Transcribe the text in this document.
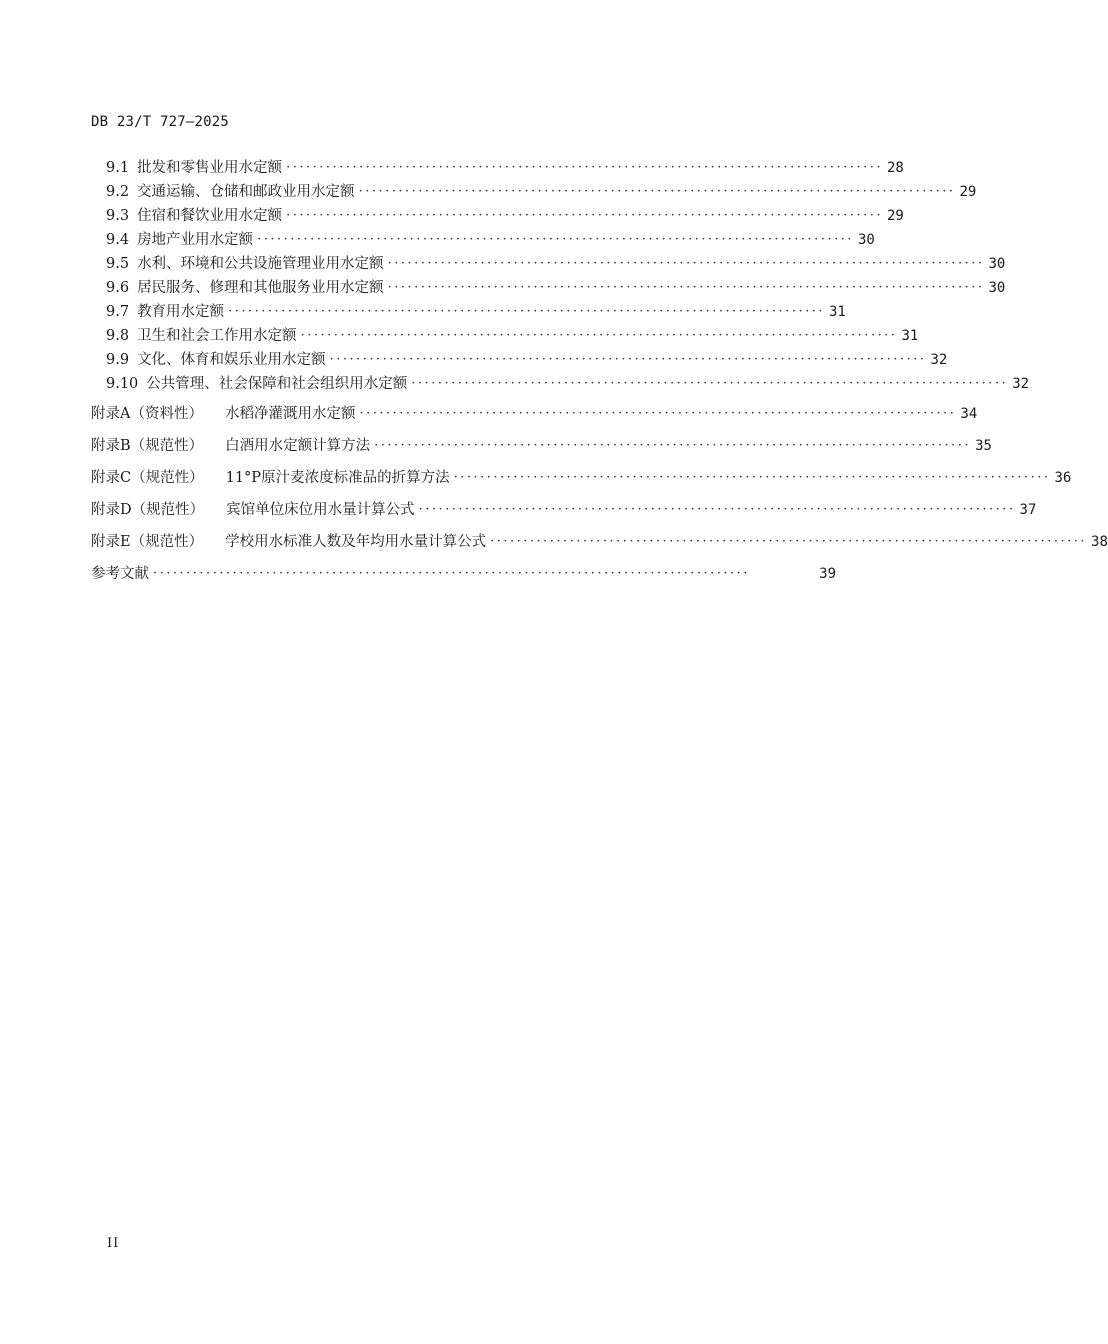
DB 23/T 727—2025
9.1 批发和零售业用水定额 ·························································································· 28
9.2 交通运输、仓储和邮政业用水定额 ·························································································· 29
9.3 住宿和餐饮业用水定额 ·························································································· 29
9.4 房地产业用水定额 ·························································································· 30
9.5 水利、环境和公共设施管理业用水定额 ·························································································· 30
9.6 居民服务、修理和其他服务业用水定额 ·························································································· 30
9.7 教育用水定额 ·························································································· 31
9.8 卫生和社会工作用水定额 ·························································································· 31
9.9 文化、体育和娱乐业用水定额 ·························································································· 32
9.10 公共管理、社会保障和社会组织用水定额 ·························································································· 32
附录A（资料性） 水稻净灌溉用水定额 ·························································································· 34
附录B（规范性） 白酒用水定额计算方法 ·························································································· 35
附录C（规范性） 11°P原汁麦浓度标准品的折算方法 ·························································································· 36
附录D（规范性） 宾馆单位床位用水量计算公式 ·························································································· 37
附录E（规范性） 学校用水标准人数及年均用水量计算公式 ·························································································· 38
参考文献 ··························································································	39
II
